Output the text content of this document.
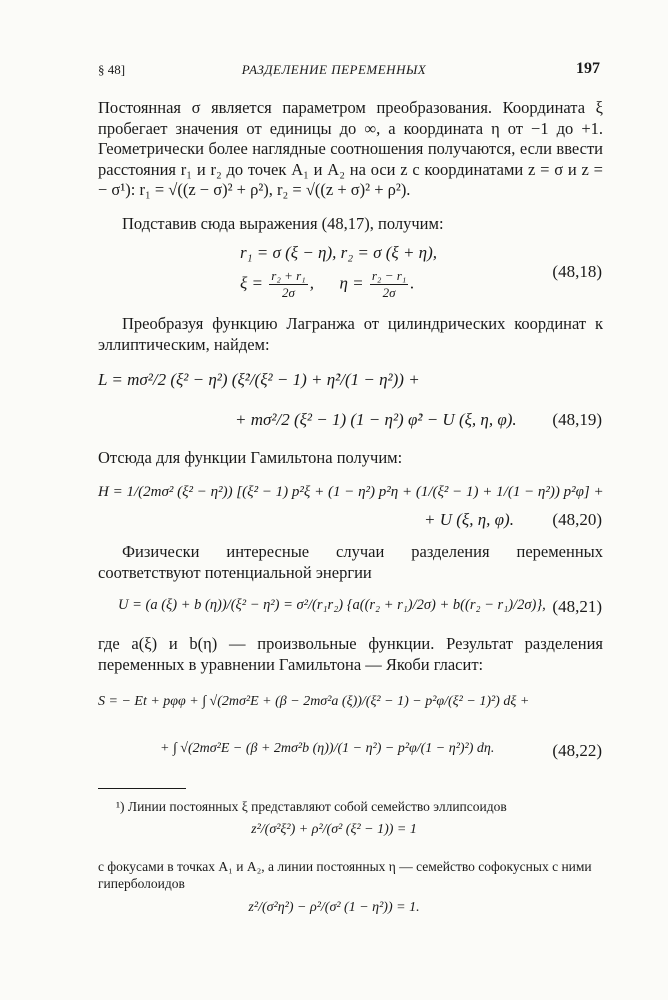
РАЗДЕЛЕНИЕ ПЕРЕМЕННЫХ
§ 48]	197

Постоянная σ является параметром преобразования. Координата ξ пробегает значения от единицы до ∞, а координата η от −1 до +1. Геометрически более наглядные соотношения получаются, если ввести расстояния r₁ и r₂ до точек A₁ и A₂ на оси z с координатами z = σ и z = − σ¹): r₁ = √((z − σ)² + ρ²), r₂ = √((z + σ)² + ρ²).

Подставив сюда выражения (48,17), получим:

r₁ = σ (ξ − η), r₂ = σ (ξ + η),
$\xi = \frac{\text{r₂ + r₁}}{2\sigma}$ ,      $\eta = \frac{\text{r₂ − r₁}}{2\sigma}$ .
(48,18)

Преобразуя функцию Лагранжа от цилиндрических координат к эллиптическим, найдем:

L = mσ²/2 (ξ² − η²) (ξ̇²/(ξ² − 1) + η̇²/(1 − η²)) +
+ mσ²/2 (ξ² − 1) (1 − η²) φ̇² − U (ξ, η, φ). (48,19)

Отсюда для функции Гамильтона получим:

H = 1/(2mσ² (ξ² − η²)) [(ξ² − 1) p²ξ + (1 − η²) p²η + (1/(ξ² − 1) + 1/(1 − η²)) p²φ] +
+ U (ξ, η, φ). (48,20)

Физически интересные случаи разделения переменных соответствуют потенциальной энергии

U = (a (ξ) + b (η))/(ξ² − η²) = σ²/(r₁r₂) {a((r₂ + r₁)/2σ) + b((r₂ − r₁)/2σ)}, (48,21)

где a(ξ) и b(η) — произвольные функции. Результат разделения переменных в уравнении Гамильтона — Якоби гласит:

S = − Et + pφφ + ∫ √(2mσ²E + (β − 2mσ²a (ξ))/(ξ² − 1) − p²φ/(ξ² − 1)²) dξ +
+ ∫ √(2mσ²E − (β + 2mσ²b (η))/(1 − η²) − p²φ/(1 − η²)²) dη.	(48,22)

¹) Линии постоянных ξ представляют собой семейство эллипсоидов

z²/(σ²ξ²) + ρ²/(σ² (ξ² − 1)) = 1

с фокусами в точках A₁ и A₂, а линии постоянных η — семейство софокусных с ними гиперболоидов

z²/(σ²η²) − ρ²/(σ² (1 − η²)) = 1.
